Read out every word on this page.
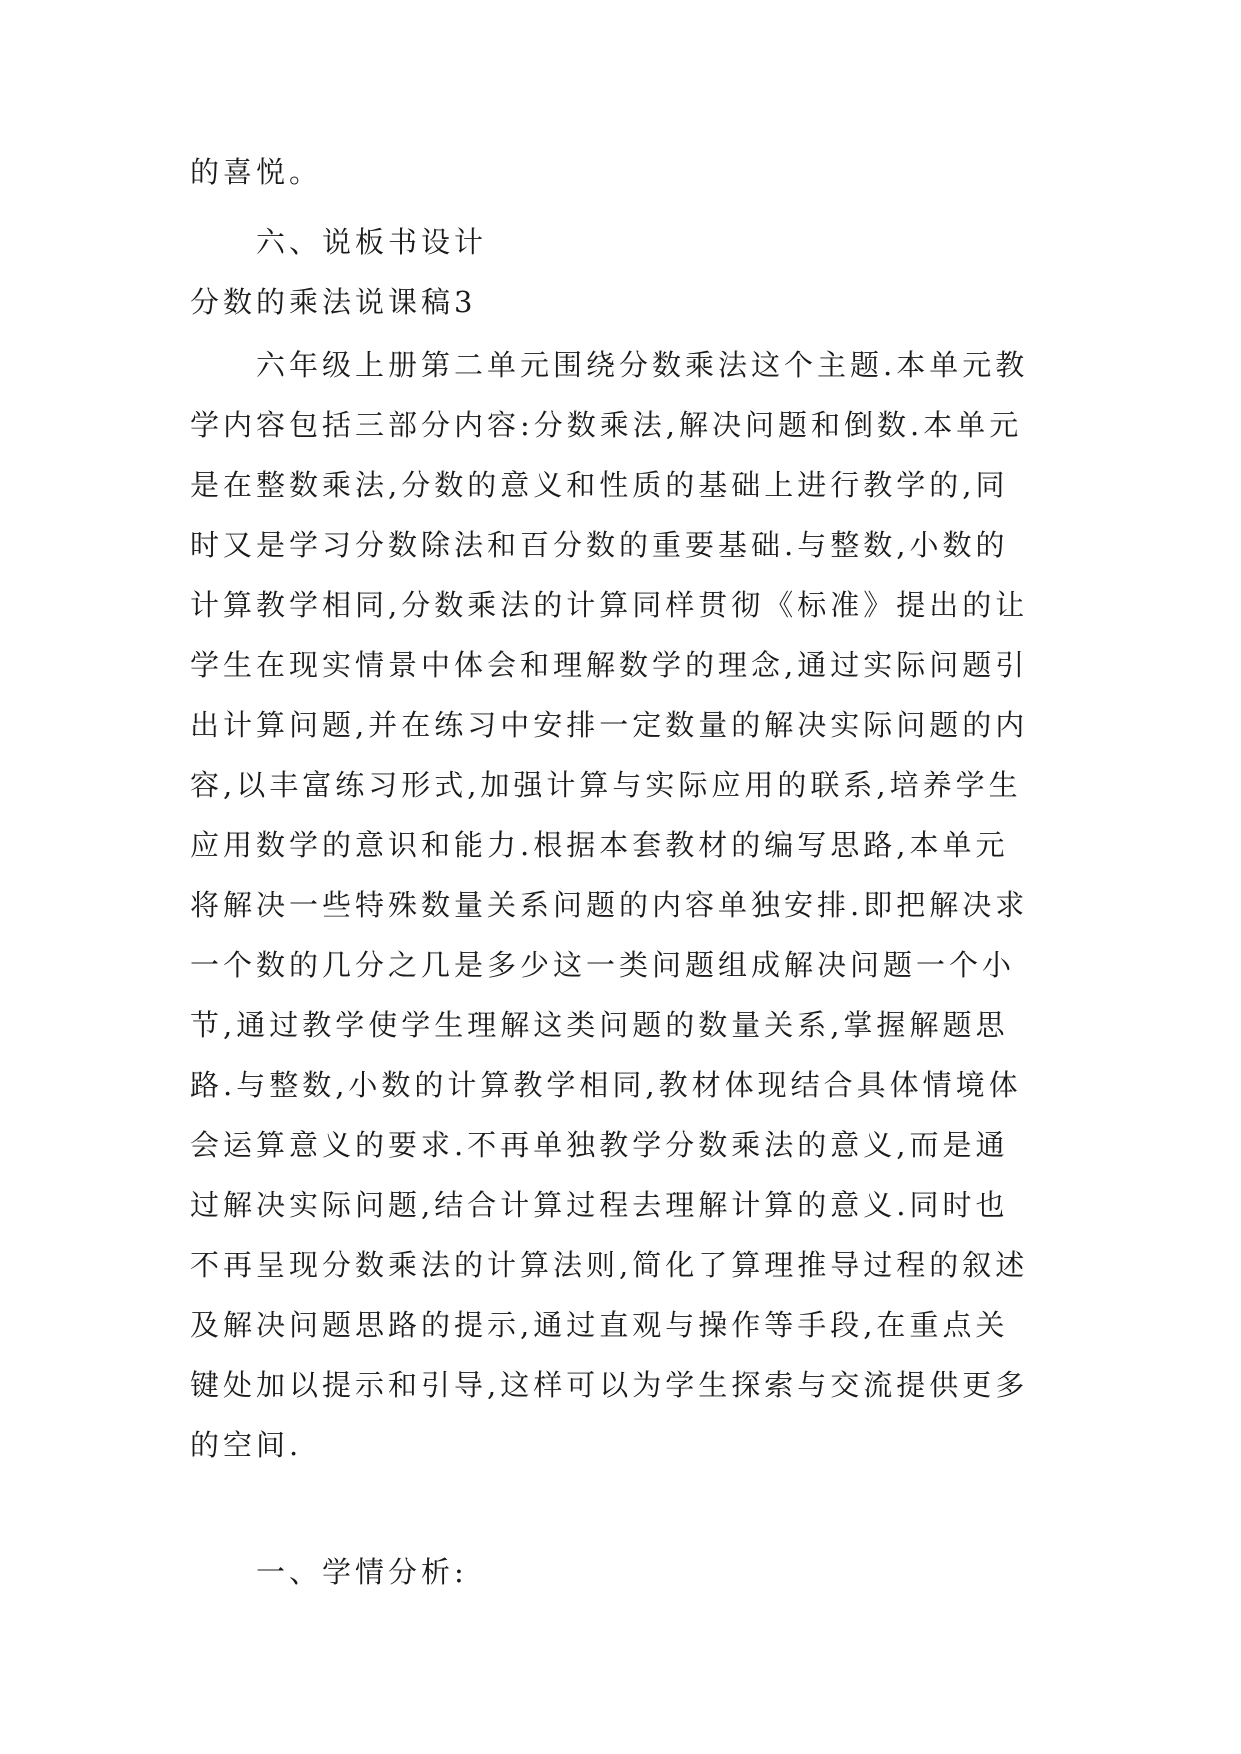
的喜悦。
六、说板书设计
分数的乘法说课稿3
六年级上册第二单元围绕分数乘法这个主题.本单元教
学内容包括三部分内容:分数乘法,解决问题和倒数.本单元
是在整数乘法,分数的意义和性质的基础上进行教学的,同
时又是学习分数除法和百分数的重要基础.与整数,小数的
计算教学相同,分数乘法的计算同样贯彻《标准》提出的让
学生在现实情景中体会和理解数学的理念,通过实际问题引
出计算问题,并在练习中安排一定数量的解决实际问题的内
容,以丰富练习形式,加强计算与实际应用的联系,培养学生
应用数学的意识和能力.根据本套教材的编写思路,本单元
将解决一些特殊数量关系问题的内容单独安排.即把解决求
一个数的几分之几是多少这一类问题组成解决问题一个小
节,通过教学使学生理解这类问题的数量关系,掌握解题思
路.与整数,小数的计算教学相同,教材体现结合具体情境体
会运算意义的要求.不再单独教学分数乘法的意义,而是通
过解决实际问题,结合计算过程去理解计算的意义.同时也
不再呈现分数乘法的计算法则,简化了算理推导过程的叙述
及解决问题思路的提示,通过直观与操作等手段,在重点关
键处加以提示和引导,这样可以为学生探索与交流提供更多
的空间.
一、学情分析:
